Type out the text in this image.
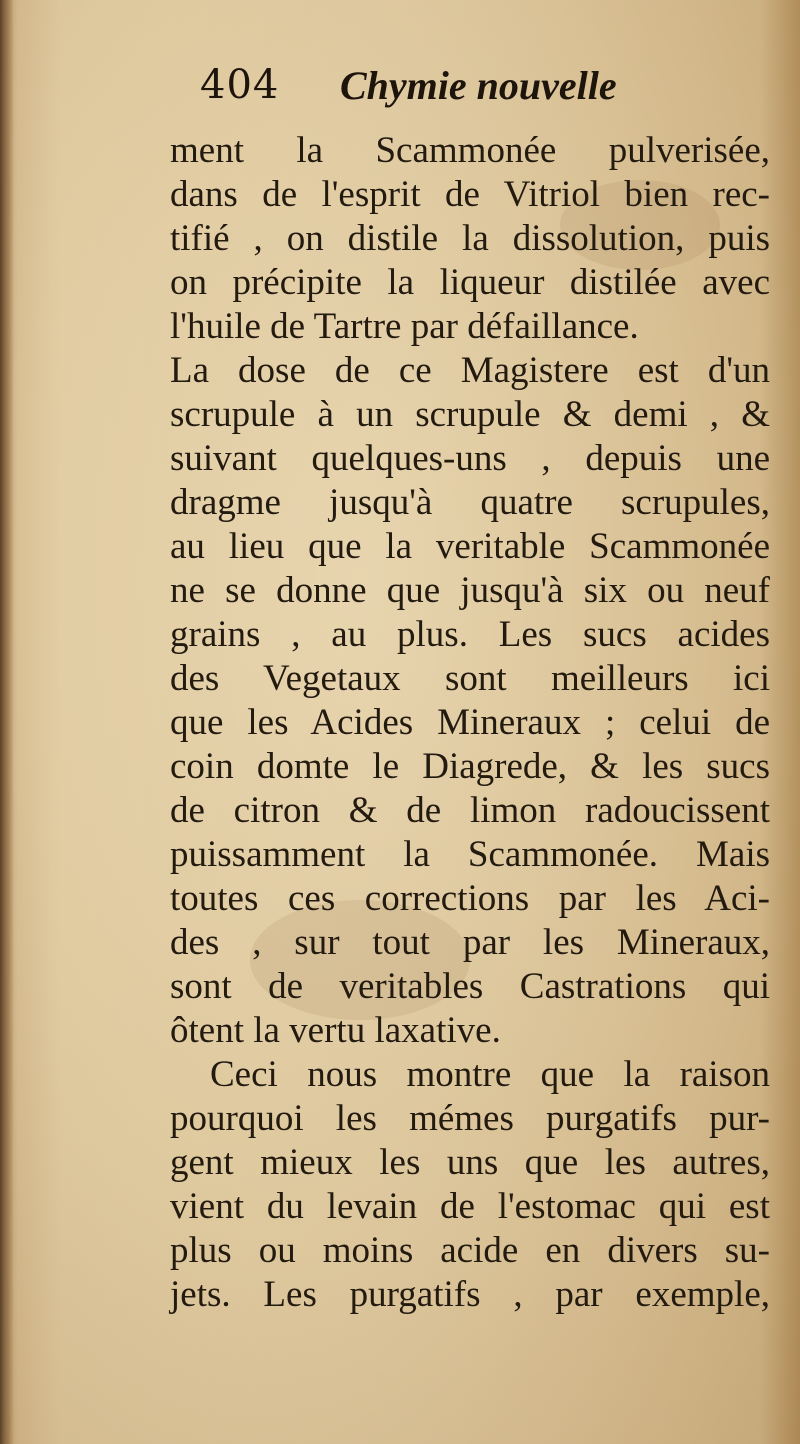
404 Chymie nouvelle
ment la Scammonée pulverisée,
dans de l'esprit de Vitriol bien rec-
tifié , on distile la dissolution, puis
on précipite la liqueur distilée avec
l'huile de Tartre par défaillance.
La dose de ce Magistere est d'un
scrupule à un scrupule & demi , &
suivant quelques-uns , depuis une
dragme jusqu'à quatre scrupules,
au lieu que la veritable Scammonée
ne se donne que jusqu'à six ou neuf
grains , au plus. Les sucs acides
des Vegetaux sont meilleurs ici
que les Acides Mineraux ; celui de
coin domte le Diagrede, & les sucs
de citron & de limon radoucissent
puissamment la Scammonée. Mais
toutes ces corrections par les Aci-
des , sur tout par les Mineraux,
sont de veritables Castrations qui
ôtent la vertu laxative.
Ceci nous montre que la raison
pourquoi les mémes purgatifs pur-
gent mieux les uns que les autres,
vient du levain de l'estomac qui est
plus ou moins acide en divers su-
jets. Les purgatifs , par exemple,
